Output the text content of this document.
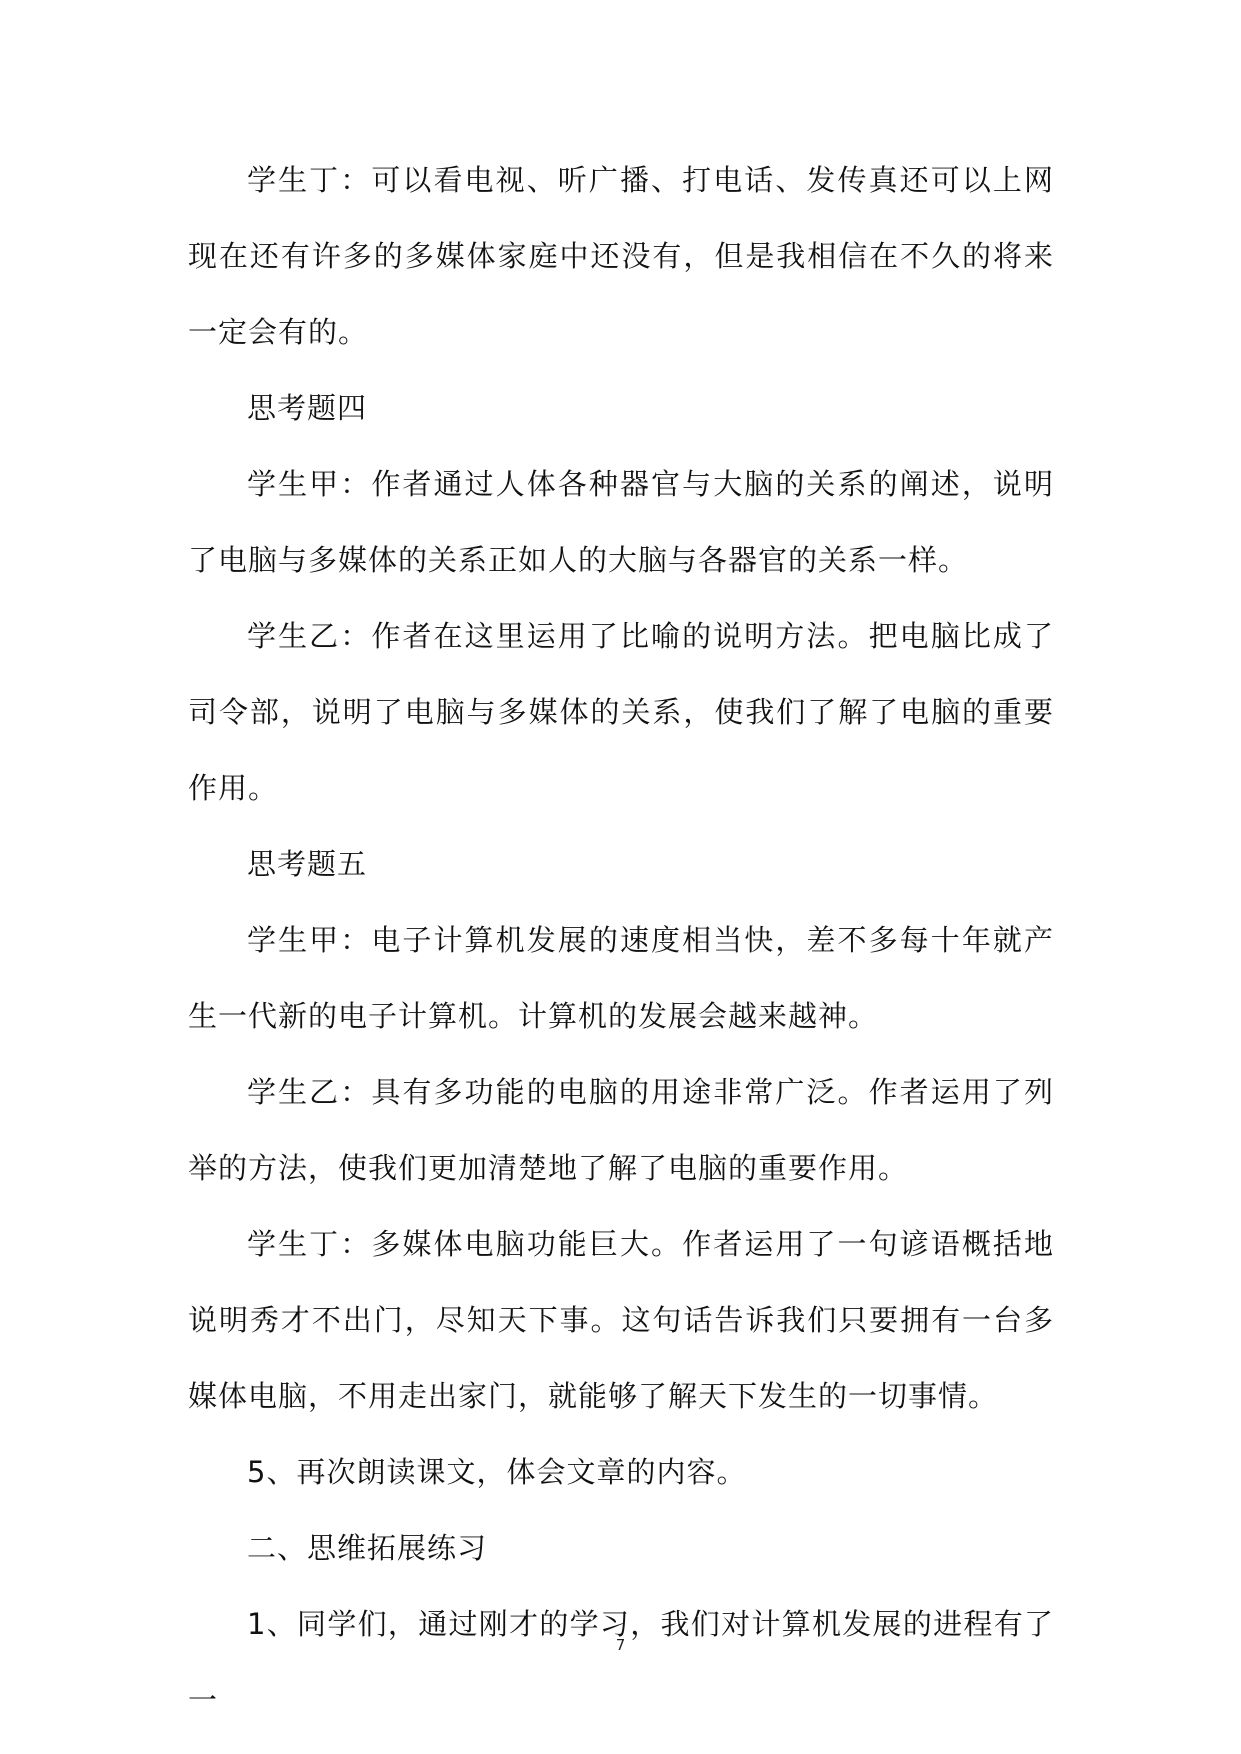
学生丁：可以看电视、听广播、打电话、发传真还可以上网现在还有许多的多媒体家庭中还没有，但是我相信在不久的将来一定会有的。

思考题四

学生甲：作者通过人体各种器官与大脑的关系的阐述，说明了电脑与多媒体的关系正如人的大脑与各器官的关系一样。

学生乙：作者在这里运用了比喻的说明方法。把电脑比成了司令部，说明了电脑与多媒体的关系，使我们了解了电脑的重要作用。

思考题五

学生甲：电子计算机发展的速度相当快，差不多每十年就产生一代新的电子计算机。计算机的发展会越来越神。

学生乙：具有多功能的电脑的用途非常广泛。作者运用了列举的方法，使我们更加清楚地了解了电脑的重要作用。

学生丁：多媒体电脑功能巨大。作者运用了一句谚语概括地说明秀才不出门，尽知天下事。这句话告诉我们只要拥有一台多媒体电脑，不用走出家门，就能够了解天下发生的一切事情。

5、再次朗读课文，体会文章的内容。

二、思维拓展练习

1、同学们，通过刚才的学习，我们对计算机发展的进程有了一

7
